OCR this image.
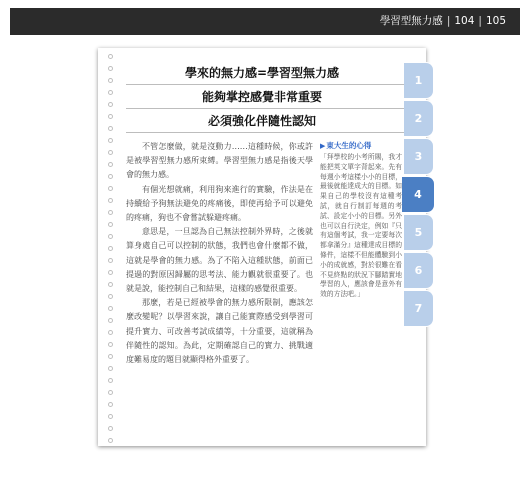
學習型無力感 | 104 | 105
學來的無力感=學習型無力感
能夠掌控感覺非常重要
必須強化伴隨性認知

不管怎麼做，就是沒動力……這種時候，你或許是被學習型無力感所束縛。學習型無力感是指後天學會的無力感。

有個光想就痛，利用狗來進行的實驗，作法是在持續給予狗無法避免的疼痛後，即使再給予可以避免的疼痛，狗也不會嘗試躲避疼痛。

意思是，一旦認為自己無法控制外界時，之後就算身處自己可以控制的狀態，我們也會什麼都不做，這就是學會的無力感。為了不陷入這種狀態，前面已提過的對原因歸屬的思考法、能力觀就很重要了。也就是說，能控制自己和結果，這樣的感覺很重要。

那麼，若是已經被學會的無力感所限制，應該怎麼改變呢？以學習來說，讓自己能實際感受到學習可提升實力、可改善考試成績等，十分重要，這就稱為伴隨性的認知。為此，定期確認自己的實力、挑戰適度難易度的題目就顯得格外重要了。

▶東大生的心得
「拜學校的小考所賜，我才能把英文單字背起來。先有每週小考這樣小小的目標，最後就能達成大的目標。如果自己的學校沒有這種考試，就自行制訂每週的考試、設定小小的目標。另外也可以自行決定，例如『只有這個考試，我一定要每次都拿滿分』這種達成目標的條件，這樣不但能體驗到小小的成就感，對於很難在看不見終點的狀況下腳踏實地學習的人，應該會是意外有效的方法吧。」
1
2
3
4
5
6
7
